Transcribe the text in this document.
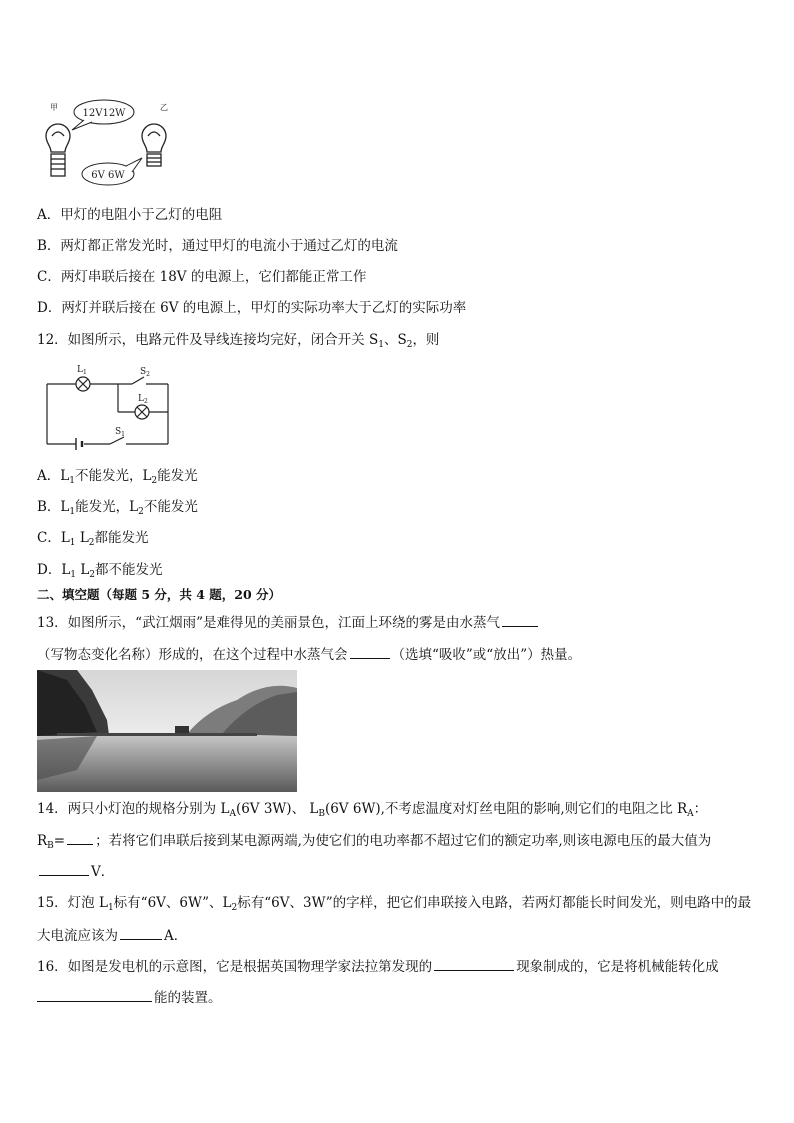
甲	乙
12V12W
6V 6W
A．甲灯的电阻小于乙灯的电阻
B．两灯都正常发光时，通过甲灯的电流小于通过乙灯的电流
C．两灯串联后接在 18V 的电源上，它们都能正常工作
D．两灯并联后接在 6V 的电源上，甲灯的实际功率大于乙灯的实际功率
12．如图所示，电路元件及导线连接均完好，闭合开关 $S_1$、$S_2$，则
$L_1$
$L_2$
$S_2$
$S_1$
A．$L_1$不能发光，$L_2$能发光
B．$L_1$能发光，$L_2$不能发光
C．$L_1$ $L_2$都能发光
D．$L_1$ $L_2$都不能发光
二、填空题（每题 5 分，共 4 题，20 分）
13．如图所示，“武江烟雨”是难得见的美丽景色，江面上环绕的雾是由水蒸气
（写物态变化名称）形成的，在这个过程中水蒸气会	（选填“吸收”或“放出”）热量。
14．两只小灯泡的规格分别为 $L_A(6V$ 3W)、 $L_B(6V$ 6W),不考虑温度对灯丝电阻的影响,则它们的电阻之比 $R_A$：
$R_B=$ ；若将它们串联后接到某电源两端,为使它们的电功率都不超过它们的额定功率,则该电源电压的最大值为
V．
15．灯泡 $L_1$标有“6V、6W”、$L_2$标有“6V、3W”的字样，把它们串联接入电路，若两灯都能长时间发光，则电路中的最
大电流应该为	A．
16．如图是发电机的示意图，它是根据英国物理学家法拉第发现的	现象制成的，它是将机械能转化成
能的装置。
